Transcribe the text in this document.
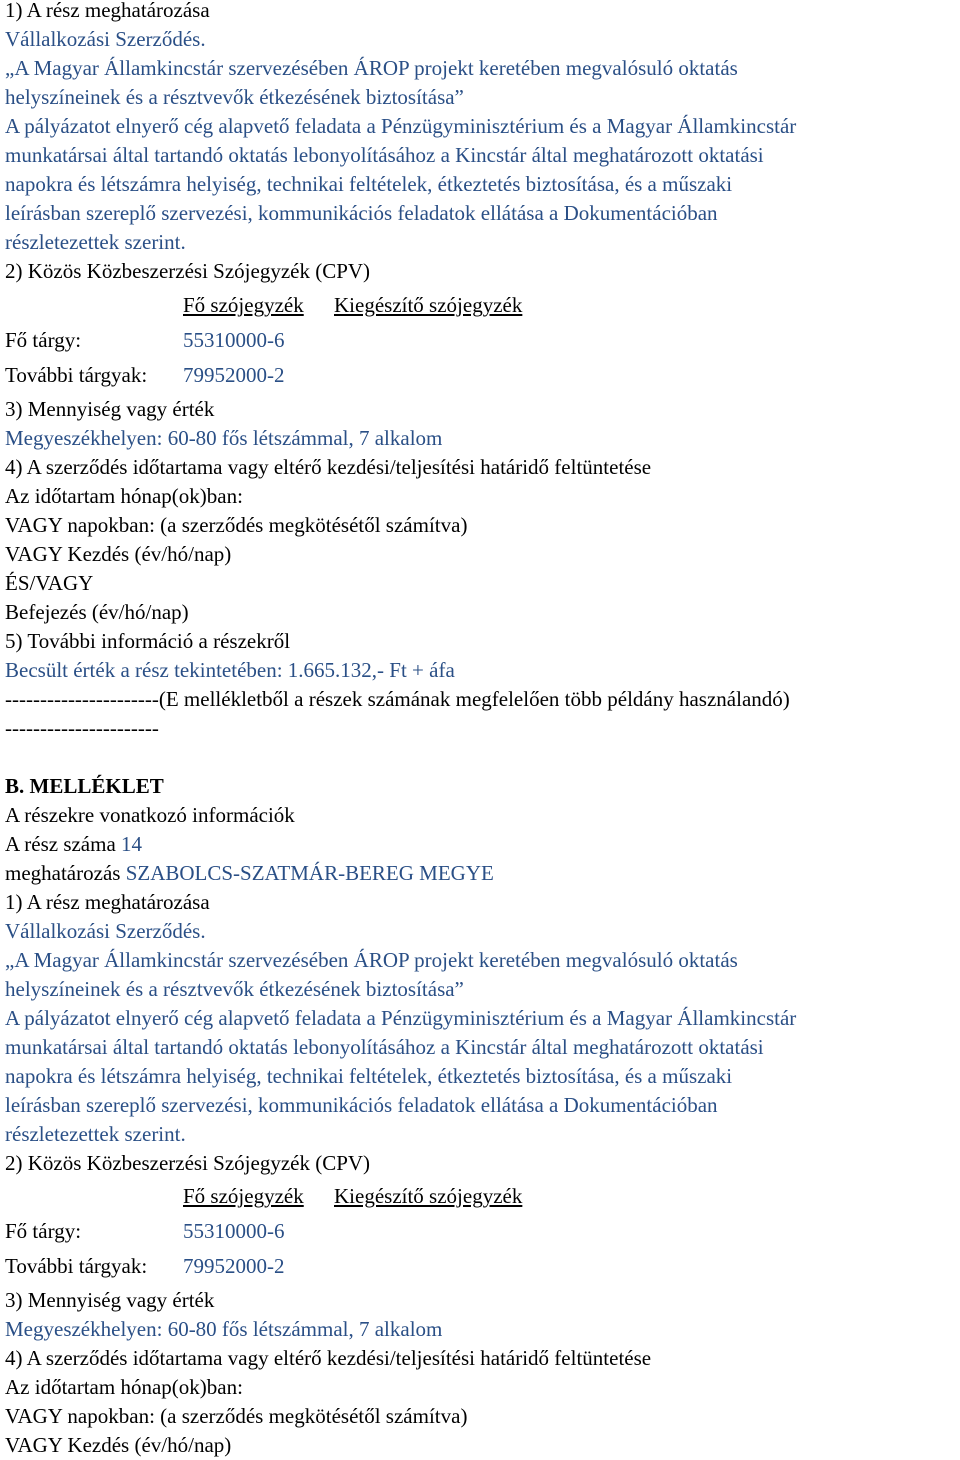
1) A rész meghatározása
Vállalkozási Szerződés.
„A Magyar Államkincstár szervezésében ÁROP projekt keretében megvalósuló oktatás
helyszíneinek és a résztvevők étkezésének biztosítása”
A pályázatot elnyerő cég alapvető feladata a Pénzügyminisztérium és a Magyar Államkincstár
munkatársai által tartandó oktatás lebonyolításához a Kincstár által meghatározott oktatási
napokra és létszámra helyiség, technikai feltételek, étkeztetés biztosítása, és a műszaki
leírásban szereplő szervezési, kommunikációs feladatok ellátása a Dokumentációban
részletezettek szerint.
2) Közös Közbeszerzési Szójegyzék (CPV)
Fő szójegyzék Kiegészítő szójegyzék
Fő tárgy:	55310000-6
További tárgyak: 79952000-2
3) Mennyiség vagy érték
Megyeszékhelyen: 60-80 fős létszámmal, 7 alkalom
4) A szerződés időtartama vagy eltérő kezdési/teljesítési határidő feltüntetése
Az időtartam hónap(ok)ban:
VAGY napokban: (a szerződés megkötésétől számítva)
VAGY Kezdés (év/hó/nap)
ÉS/VAGY
Befejezés (év/hó/nap)
5) További információ a részekről
Becsült érték a rész tekintetében: 1.665.132,- Ft + áfa
----------------------(E mellékletből a részek számának megfelelően több példány használandó)
----------------------
B. MELLÉKLET
A részekre vonatkozó információk
A rész száma 14
meghatározás SZABOLCS-SZATMÁR-BEREG MEGYE
1) A rész meghatározása
Vállalkozási Szerződés.
„A Magyar Államkincstár szervezésében ÁROP projekt keretében megvalósuló oktatás
helyszíneinek és a résztvevők étkezésének biztosítása”
A pályázatot elnyerő cég alapvető feladata a Pénzügyminisztérium és a Magyar Államkincstár
munkatársai által tartandó oktatás lebonyolításához a Kincstár által meghatározott oktatási
napokra és létszámra helyiség, technikai feltételek, étkeztetés biztosítása, és a műszaki
leírásban szereplő szervezési, kommunikációs feladatok ellátása a Dokumentációban
részletezettek szerint.
2) Közös Közbeszerzési Szójegyzék (CPV)
Fő szójegyzék Kiegészítő szójegyzék
Fő tárgy:	55310000-6
További tárgyak: 79952000-2
3) Mennyiség vagy érték
Megyeszékhelyen: 60-80 fős létszámmal, 7 alkalom
4) A szerződés időtartama vagy eltérő kezdési/teljesítési határidő feltüntetése
Az időtartam hónap(ok)ban:
VAGY napokban: (a szerződés megkötésétől számítva)
VAGY Kezdés (év/hó/nap)
